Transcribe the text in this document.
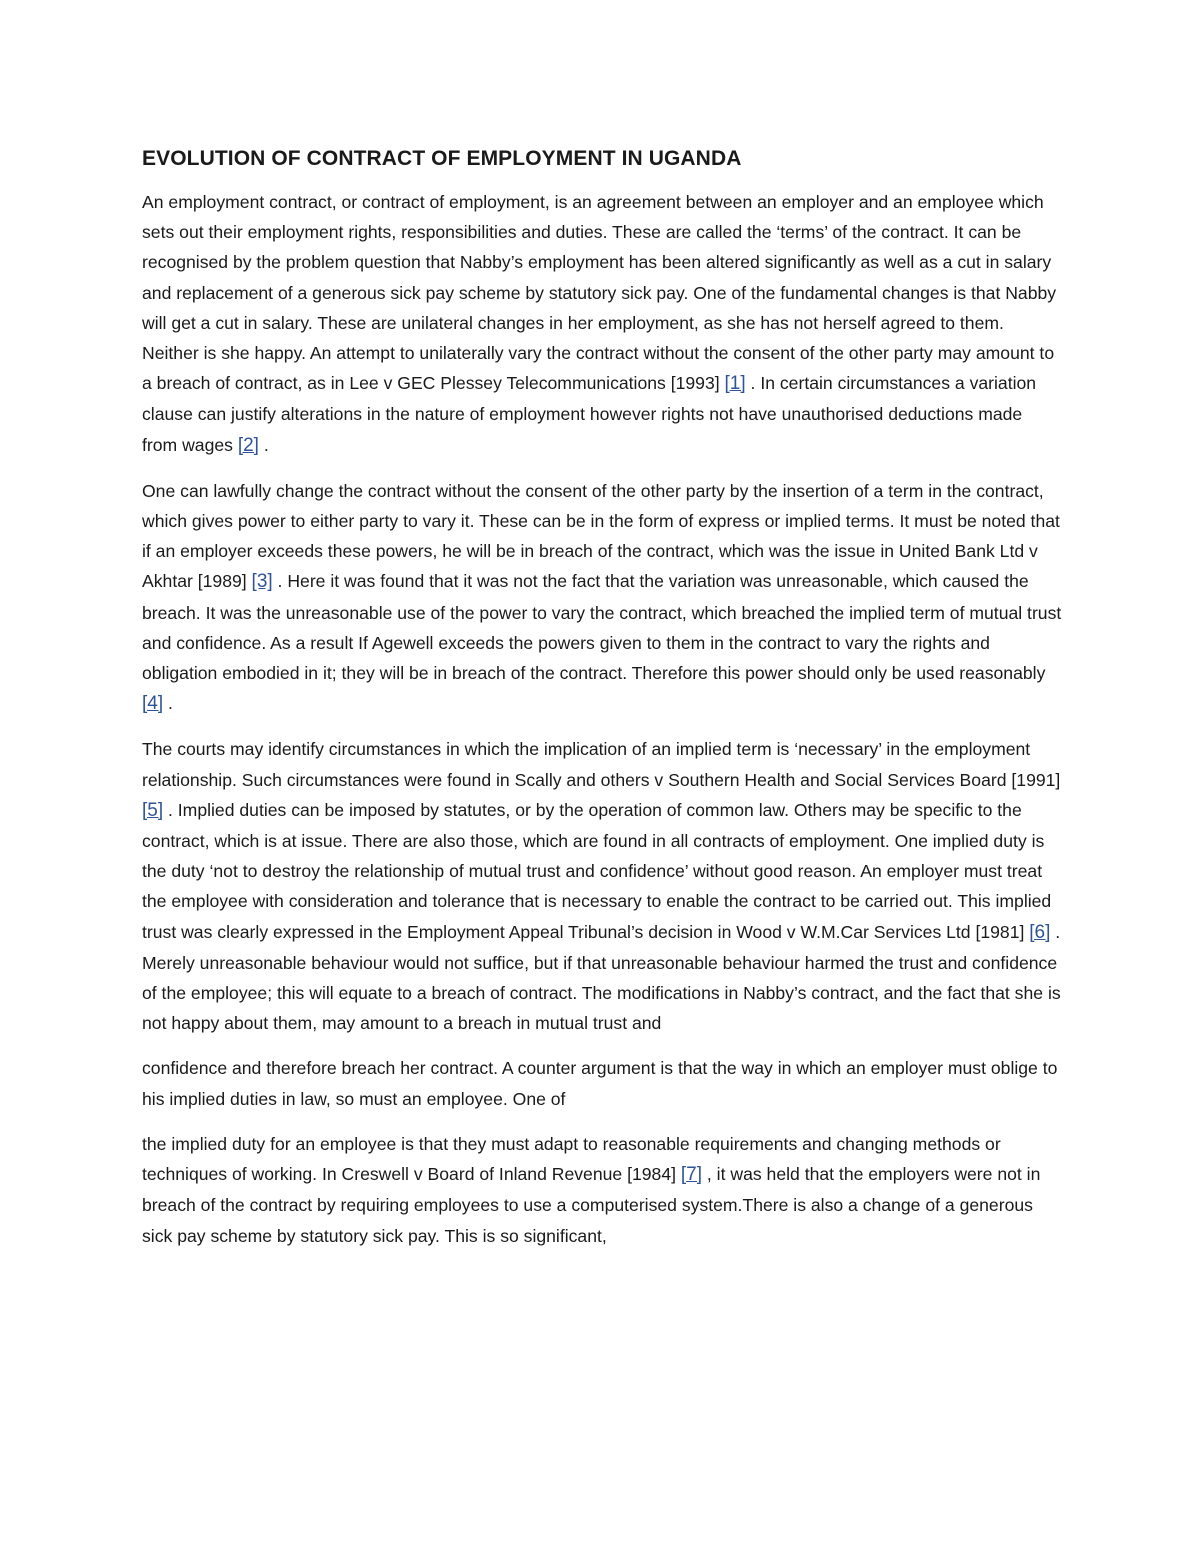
EVOLUTION OF CONTRACT OF EMPLOYMENT IN UGANDA

An employment contract, or contract of employment, is an agreement between an employer and an employee which sets out their employment rights, responsibilities and duties. These are called the ‘terms’ of the contract. It can be recognised by the problem question that Nabby’s employment has been altered significantly as well as a cut in salary and replacement of a generous sick pay scheme by statutory sick pay. One of the fundamental changes is that Nabby will get a cut in salary. These are unilateral changes in her employment, as she has not herself agreed to them. Neither is she happy. An attempt to unilaterally vary the contract without the consent of the other party may amount to a breach of contract, as in Lee v GEC Plessey Telecommunications [1993] [1] . In certain circumstances a variation clause can justify alterations in the nature of employment however rights not have unauthorised deductions made from wages [2] .

One can lawfully change the contract without the consent of the other party by the insertion of a term in the contract, which gives power to either party to vary it. These can be in the form of express or implied terms. It must be noted that if an employer exceeds these powers, he will be in breach of the contract, which was the issue in United Bank Ltd v Akhtar [1989] [3] . Here it was found that it was not the fact that the variation was unreasonable, which caused the breach. It was the unreasonable use of the power to vary the contract, which breached the implied term of mutual trust and confidence. As a result If Agewell exceeds the powers given to them in the contract to vary the rights and obligation embodied in it; they will be in breach of the contract. Therefore this power should only be used reasonably [4] .

The courts may identify circumstances in which the implication of an implied term is ‘necessary’ in the employment relationship. Such circumstances were found in Scally and others v Southern Health and Social Services Board [1991] [5] . Implied duties can be imposed by statutes, or by the operation of common law. Others may be specific to the contract, which is at issue. There are also those, which are found in all contracts of employment. One implied duty is the duty ‘not to destroy the relationship of mutual trust and confidence’ without good reason. An employer must treat the employee with consideration and tolerance that is necessary to enable the contract to be carried out. This implied trust was clearly expressed in the Employment Appeal Tribunal’s decision in Wood v W.M.Car Services Ltd [1981] [6] . Merely unreasonable behaviour would not suffice, but if that unreasonable behaviour harmed the trust and confidence of the employee; this will equate to a breach of contract. The modifications in Nabby’s contract, and the fact that she is not happy about them, may amount to a breach in mutual trust and

confidence and therefore breach her contract. A counter argument is that the way in which an employer must oblige to his implied duties in law, so must an employee. One of

the implied duty for an employee is that they must adapt to reasonable requirements and changing methods or techniques of working. In Creswell v Board of Inland Revenue [1984] [7] , it was held that the employers were not in breach of the contract by requiring employees to use a computerised system.There is also a change of a generous sick pay scheme by statutory sick pay. This is so significant,
